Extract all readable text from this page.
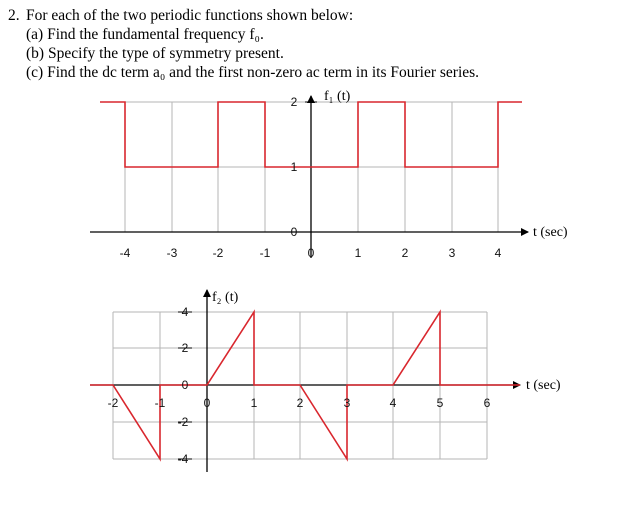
2. For each of the two periodic functions shown below:
(a) Find the fundamental frequency f₀.
(b) Specify the type of symmetry present.
(c) Find the dc term a₀ and the first non-zero ac term in its Fourier series.
-4	-3	-2	-1	0	1	2	3	4
2
1
0
f₁ (t)
t (sec)
-2	-1	0	1	2	3	4	5	6
4
2
0
-2
-4
f₂ (t)
t (sec)
